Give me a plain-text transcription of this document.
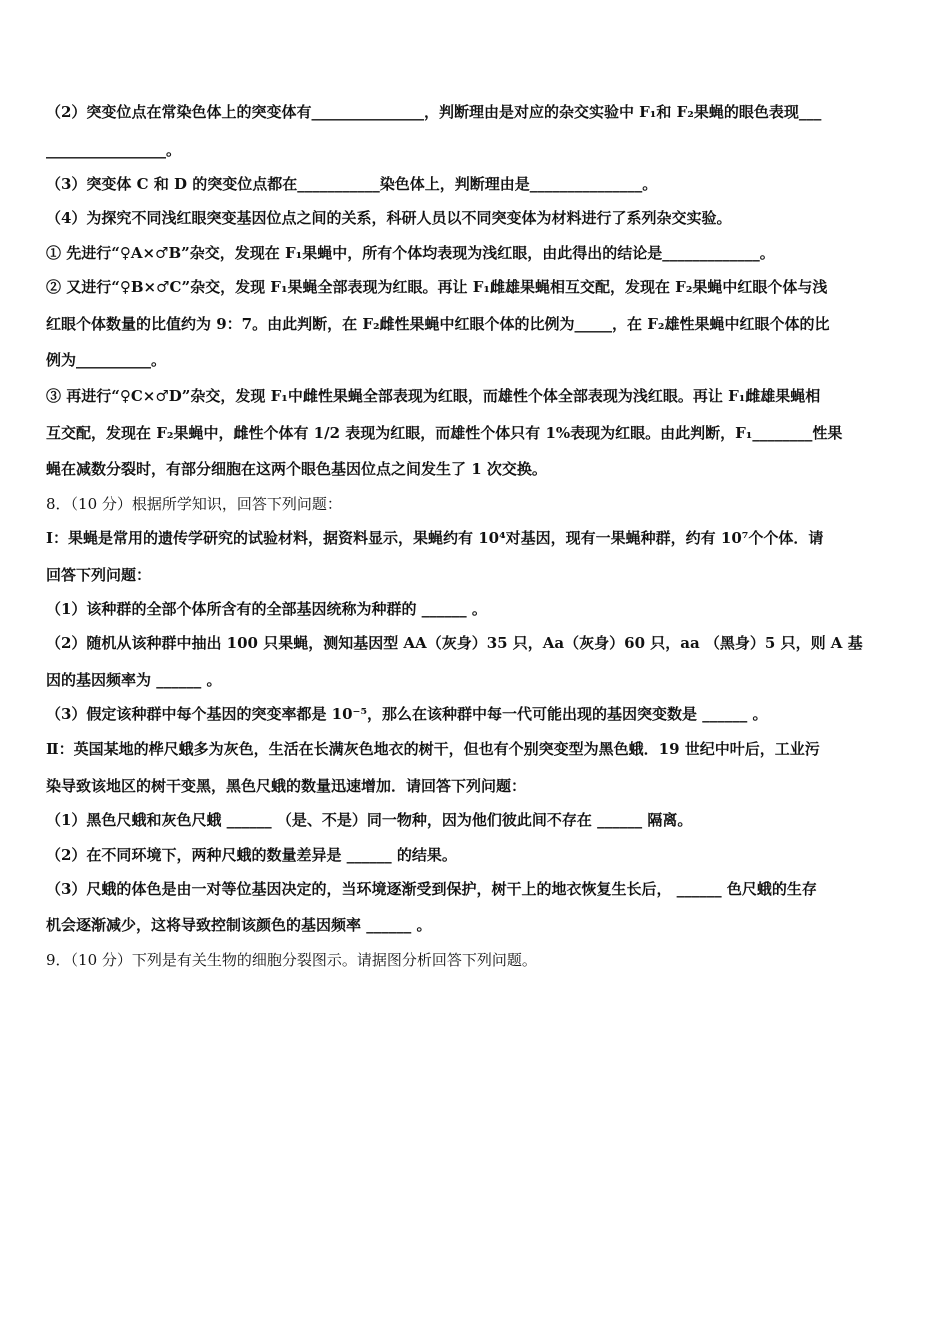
（2）突变位点在常染色体上的突变体有_______________，判断理由是对应的杂交实验中 F₁和 F₂果蝇的眼色表现___
________________。
（3）突变体 C 和 D 的突变位点都在___________染色体上，判断理由是_______________。
（4）为探究不同浅红眼突变基因位点之间的关系，科研人员以不同突变体为材料进行了系列杂交实验。
① 先进行“♀A×♂B”杂交，发现在 F₁果蝇中，所有个体均表现为浅红眼，由此得出的结论是_____________。
② 又进行“♀B×♂C”杂交，发现 F₁果蝇全部表现为红眼。再让 F₁雌雄果蝇相互交配，发现在 F₂果蝇中红眼个体与浅
红眼个体数量的比值约为 9：7。由此判断，在 F₂雌性果蝇中红眼个体的比例为_____，在 F₂雄性果蝇中红眼个体的比
例为__________。
③ 再进行“♀C×♂D”杂交，发现 F₁中雌性果蝇全部表现为红眼，而雄性个体全部表现为浅红眼。再让 F₁雌雄果蝇相
互交配，发现在 F₂果蝇中，雌性个体有 1/2 表现为红眼，而雄性个体只有 1%表现为红眼。由此判断，F₁________性果
蝇在减数分裂时，有部分细胞在这两个眼色基因位点之间发生了 1 次交换。
8．（10 分）根据所学知识，回答下列问题：
Ⅰ：果蝇是常用的遗传学研究的试验材料，据资料显示，果蝇约有 10⁴对基因，现有一果蝇种群，约有 10⁷个个体．请
回答下列问题：
（1）该种群的全部个体所含有的全部基因统称为种群的 ______ 。
（2）随机从该种群中抽出 100 只果蝇，测知基因型 AA（灰身）35 只，Aa（灰身）60 只，aa （黑身）5 只，则 A 基
因的基因频率为 ______ 。
（3）假定该种群中每个基因的突变率都是 10⁻⁵，那么在该种群中每一代可能出现的基因突变数是 ______ 。
Ⅱ：英国某地的桦尺蛾多为灰色，生活在长满灰色地衣的树干，但也有个别突变型为黑色蛾．19 世纪中叶后，工业污
染导致该地区的树干变黑，黑色尺蛾的数量迅速增加．请回答下列问题：
（1）黑色尺蛾和灰色尺蛾 ______ （是、不是）同一物种，因为他们彼此间不存在 ______ 隔离。
（2）在不同环境下，两种尺蛾的数量差异是 ______ 的结果。
（3）尺蛾的体色是由一对等位基因决定的，当环境逐渐受到保护，树干上的地衣恢复生长后， ______ 色尺蛾的生存
机会逐渐减少，这将导致控制该颜色的基因频率 ______ 。
9．（10 分）下列是有关生物的细胞分裂图示。请据图分析回答下列问题。
